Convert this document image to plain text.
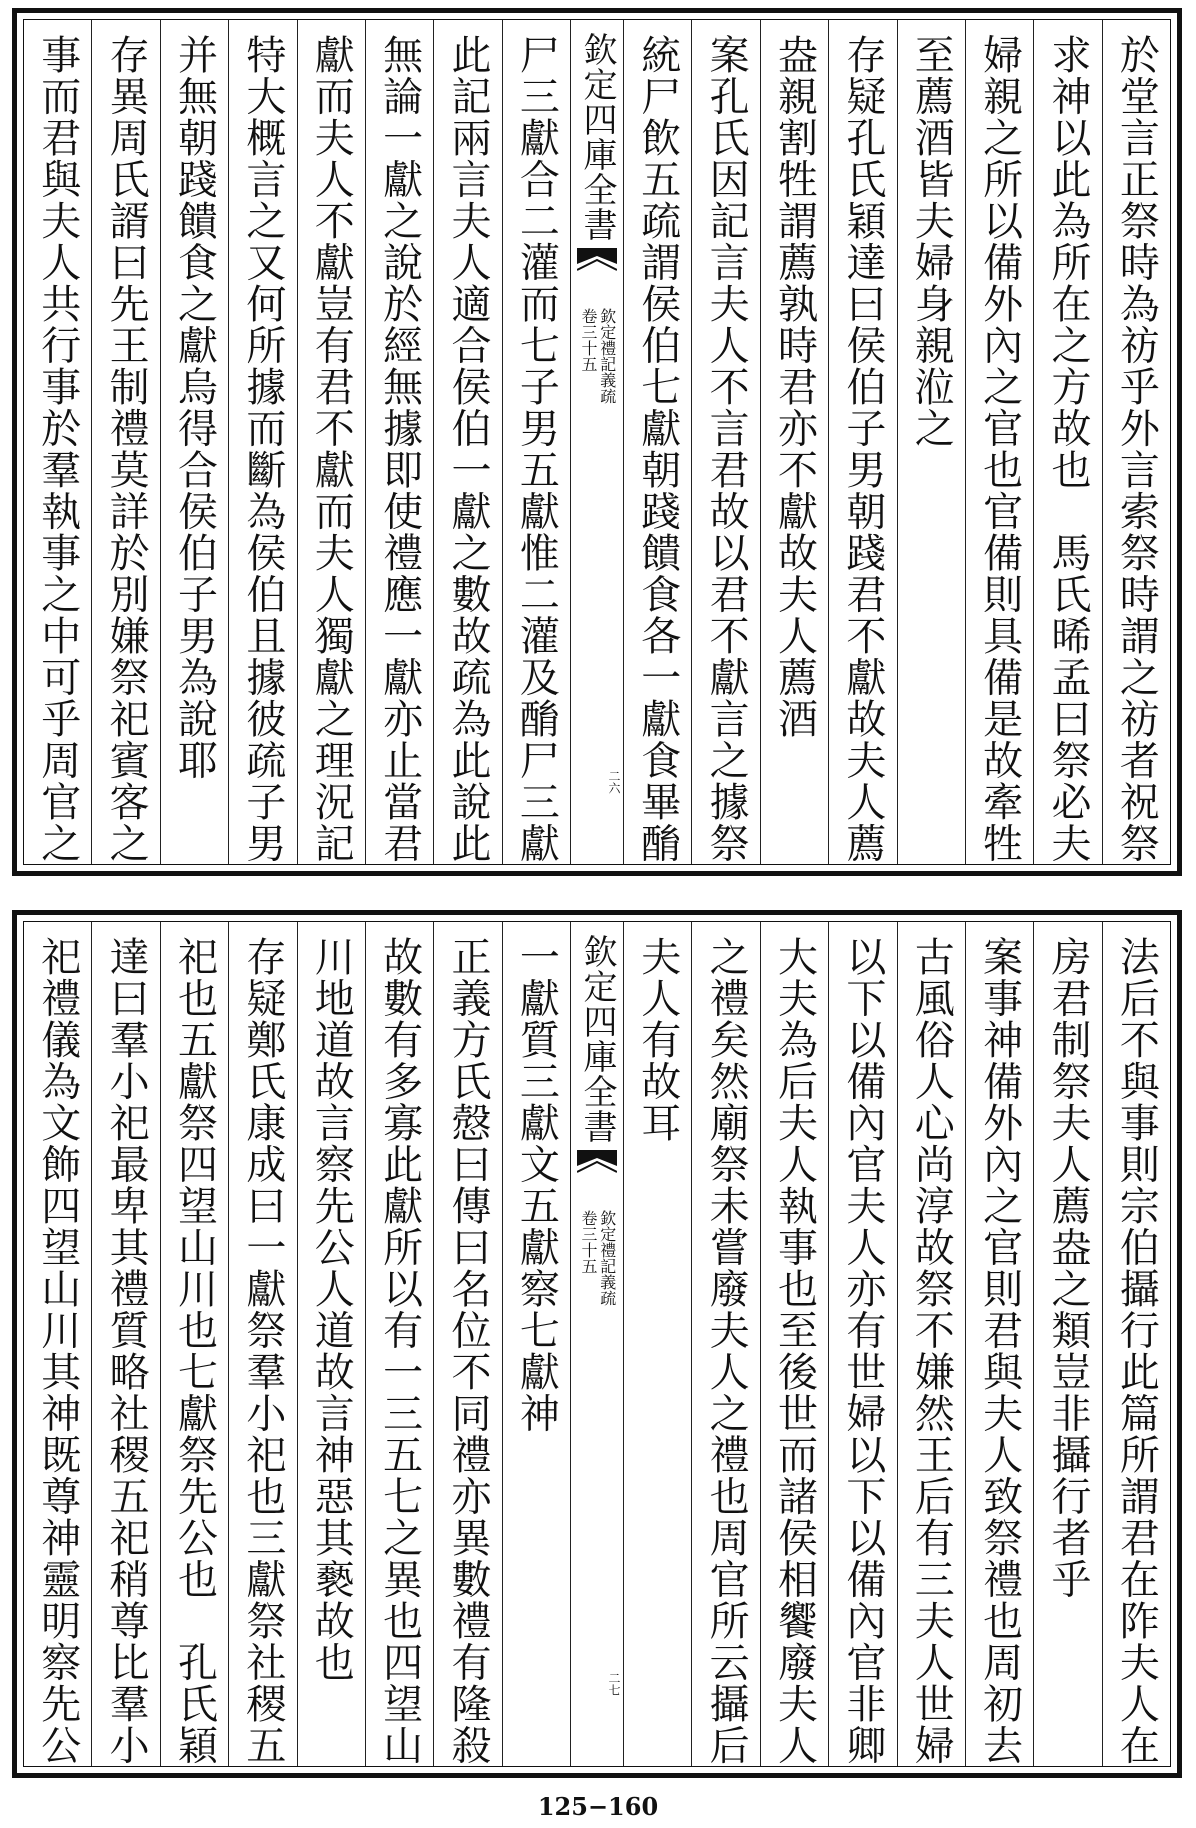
於堂言正祭時為祊乎外言索祭時謂之祊者祝祭
求神以此為所在之方故也　馬氏晞孟曰祭必夫
婦親之所以備外內之官也官備則具備是故牽牲
至薦酒皆夫婦身親涖之
存疑孔氏穎達曰侯伯子男朝踐君不獻故夫人薦
盎親割牲謂薦孰時君亦不獻故夫人薦酒
案孔氏因記言夫人不言君故以君不獻言之據祭
統尸飲五疏謂侯伯七獻朝踐饋食各一獻食畢酳
欽定四庫全書
欽定禮記義疏
卷三十五
二六
尸三獻合二灌而七子男五獻惟二灌及酳尸三獻
此記兩言夫人適合侯伯一獻之數故疏為此說此
無論一獻之說於經無據即使禮應一獻亦止當君
獻而夫人不獻豈有君不獻而夫人獨獻之理況記
特大概言之又何所據而斷為侯伯且據彼疏子男
并無朝踐饋食之獻烏得合侯伯子男為說耶
存異周氏諝曰先王制禮莫詳於別嫌祭祀賓客之
事而君與夫人共行事於羣執事之中可乎周官之
法后不與事則宗伯攝行此篇所謂君在阼夫人在
房君制祭夫人薦盎之類豈非攝行者乎
案事神備外內之官則君與夫人致祭禮也周初去
古風俗人心尚淳故祭不嫌然王后有三夫人世婦
以下以備內官夫人亦有世婦以下以備內官非卿
大夫為后夫人執事也至後世而諸侯相饗廢夫人
之禮矣然廟祭未嘗廢夫人之禮也周官所云攝后
夫人有故耳
欽定四庫全書
欽定禮記義疏
卷三十五
二七
一獻質三獻文五獻察七獻神
正義方氏慤曰傳曰名位不同禮亦異數禮有隆殺
故數有多寡此獻所以有一三五七之異也四望山
川地道故言察先公人道故言神惡其褻故也
存疑鄭氏康成曰一獻祭羣小祀也三獻祭社稷五
祀也五獻祭四望山川也七獻祭先公也　孔氏穎
達曰羣小祀最卑其禮質略社稷五祀稍尊比羣小
祀禮儀為文飾四望山川其神既尊神靈明察先公
125−160
